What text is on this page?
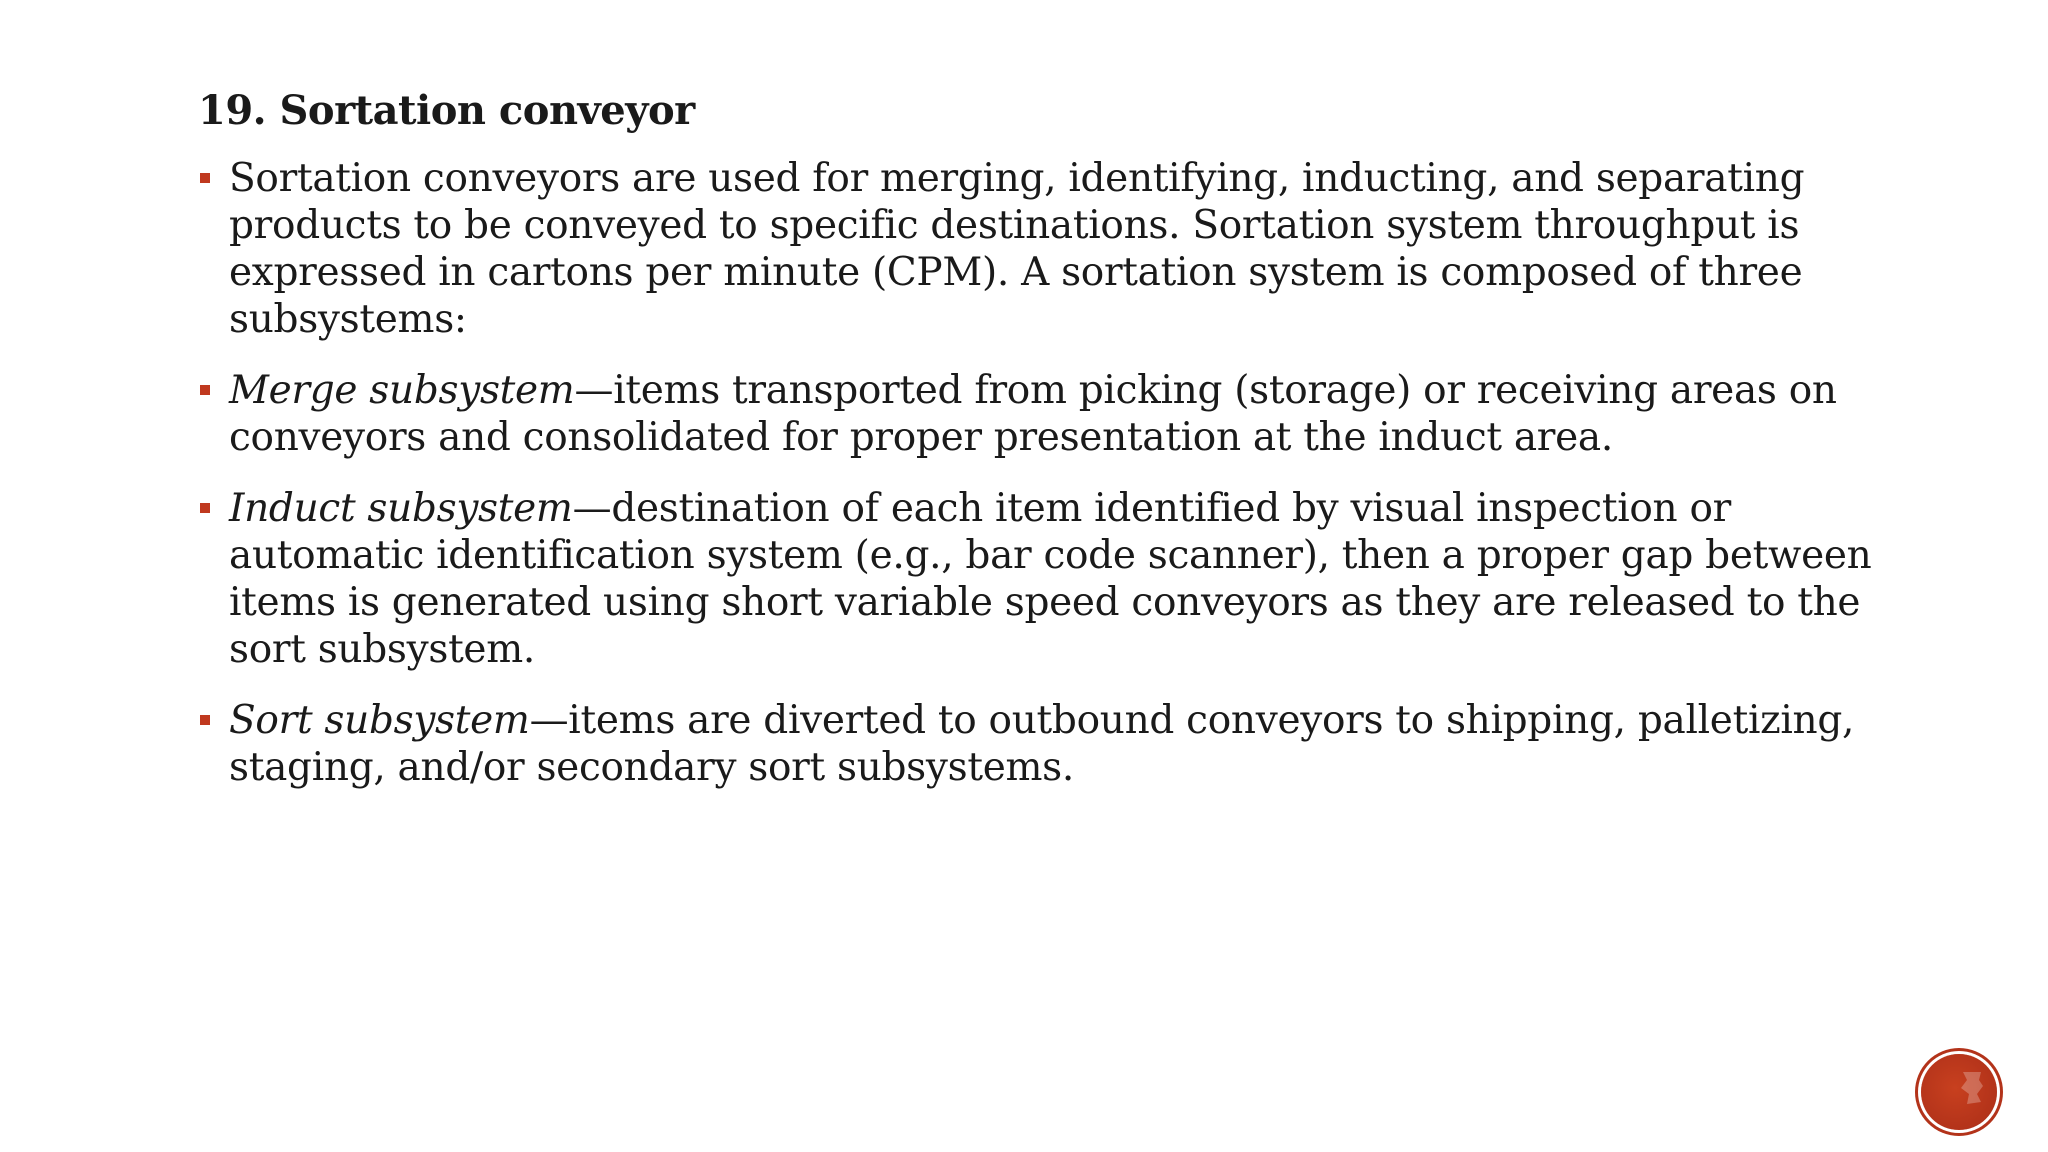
19. Sortation conveyor
Sortation conveyors are used for merging, identifying, inducting, and separating products to be conveyed to specific destinations. Sortation system throughput is expressed in cartons per minute (CPM). A sortation system is composed of three subsystems:
Merge subsystem—items transported from picking (storage) or receiving areas on conveyors and consolidated for proper presentation at the induct area.
Induct subsystem—destination of each item identified by visual inspection or automatic identification system (e.g., bar code scanner), then a proper gap between items is generated using short variable speed conveyors as they are released to the sort subsystem.
Sort subsystem—items are diverted to outbound conveyors to shipping, palletizing, staging, and/or secondary sort subsystems.
